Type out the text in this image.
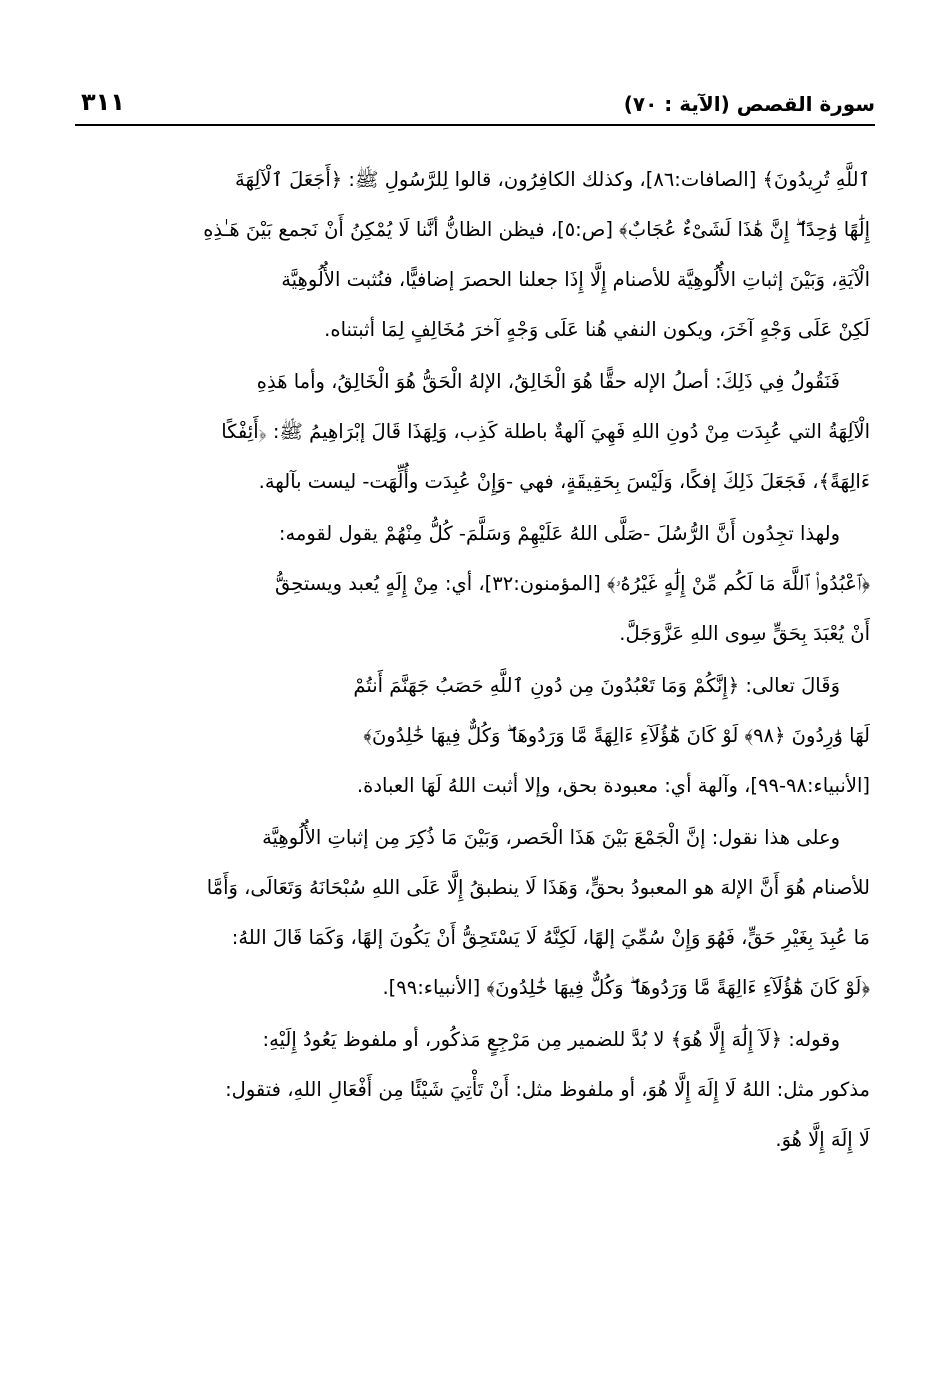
سورة القصص (الآية : ٧٠)
٣١١
ٱللَّهِ تُرِيدُونَ﴾ [الصافات:٨٦]، وكذلك الكافِرُون، قالوا لِلرَّسُولِ ﷺ: ﴿أَجَعَلَ ٱلْآلِهَةَ
إِلَٰهًا وَٰحِدًا ۖ إِنَّ هَٰذَا لَشَىْءٌ عُجَابٌ﴾ [ص:٥]، فيظن الظانُّ أنَّنا لَا يُمْكِنُ أَنْ نَجمع بَيْنَ هَـٰذِهِ
الْآيَةِ، وَبَيْنَ إثباتِ الأُلُوهِيَّة للأصنام إِلَّا إِذَا جعلنا الحصرَ إضافيًّا، فنُثبت الأُلُوهِيَّة
لَكِنْ عَلَى وَجْهٍ آخَرَ، ويكون النفي هُنا عَلَى وَجْهٍ آخرَ مُخَالِفٍ لِمَا أثبتناه.
فَنَقُولُ فِي ذَلِكَ: أصلُ الإله حقًّا هُوَ الْخَالِقُ، الإلهُ الْحَقُّ هُوَ الْخَالِقُ، وأما هَذِهِ
الْآلِهَةُ التي عُبِدَت مِنْ دُونِ اللهِ فَهِيَ آلهةٌ باطلة كَذِب، وَلِهَذَا قَالَ إبْرَاهِيمُ ﷺ: ﴿أَئِفْكًا
ءَالِهَةً﴾، فَجَعَلَ ذَلِكَ إفكًا، وَلَيْسَ بِحَقِيقَةٍ، فهي -وَإِنْ عُبِدَت وأُلِّهَت- ليست بآلهة.
ولهذا تجِدُون أَنَّ الرُّسُلَ -صَلَّى اللهُ عَلَيْهِمْ وَسَلَّمَ- كُلُّ مِنْهُمْ يقول لقومه:
﴿ٱعْبُدُوا۟ ٱللَّهَ مَا لَكُم مِّنْ إِلَٰهٍ غَيْرُهُۥ﴾ [المؤمنون:٣٢]، أي: مِنْ إِلَهٍ يُعبد ويستحِقُّ
أَنْ يُعْبَدَ بِحَقٍّ سِوى اللهِ عَزَّوَجَلَّ.
وَقَالَ تعالى: ﴿إِنَّكُمْ وَمَا تَعْبُدُونَ مِن دُونِ ٱللَّهِ حَصَبُ جَهَنَّمَ أَنتُمْ
لَهَا وَٰرِدُونَ ﴿٩٨﴾ لَوْ كَانَ هَٰٓؤُلَآءِ ءَالِهَةً مَّا وَرَدُوهَا ۖ وَكُلٌّ فِيهَا خَٰلِدُونَ﴾
[الأنبياء:٩٨-٩٩]، وآلهة أي: معبودة بحق، وإلا أثبت اللهُ لَهَا العبادة.
وعلى هذا نقول: إنَّ الْجَمْعَ بَيْنَ هَذَا الْحَصر، وَبَيْنَ مَا ذُكِرَ مِن إثباتِ الأُلُوهِيَّة
للأصنام هُوَ أَنَّ الإلهَ هو المعبودُ بحقٍّ، وَهَذَا لَا ينطبقُ إِلَّا عَلَى اللهِ سُبْحَانَهُ وَتَعَالَى، وَأَمَّا
مَا عُبِدَ بِغَيْرِ حَقٍّ، فَهُوَ وَإِنْ سُمِّيَ إلهًا، لَكِنَّهُ لَا يَسْتَحِقُّ أَنْ يَكُونَ إلهًا، وَكَمَا قَالَ اللهُ:
﴿لَوْ كَانَ هَٰٓؤُلَآءِ ءَالِهَةً مَّا وَرَدُوهَا ۖ وَكُلٌّ فِيهَا خَٰلِدُونَ﴾ [الأنبياء:٩٩].
وقوله: ﴿لَآ إِلَٰهَ إِلَّا هُوَ﴾ لا بُدَّ للضمير مِن مَرْجِعٍ مَذكُور، أو ملفوظ يَعُودُ إِلَيْهِ:
مذكور مثل: اللهُ لَا إِلَهَ إِلَّا هُوَ، أو ملفوظ مثل: أَنْ تَأْتِيَ شَيْئًا مِن أَفْعَالِ اللهِ، فتقول:
لَا إِلَهَ إِلَّا هُوَ.
